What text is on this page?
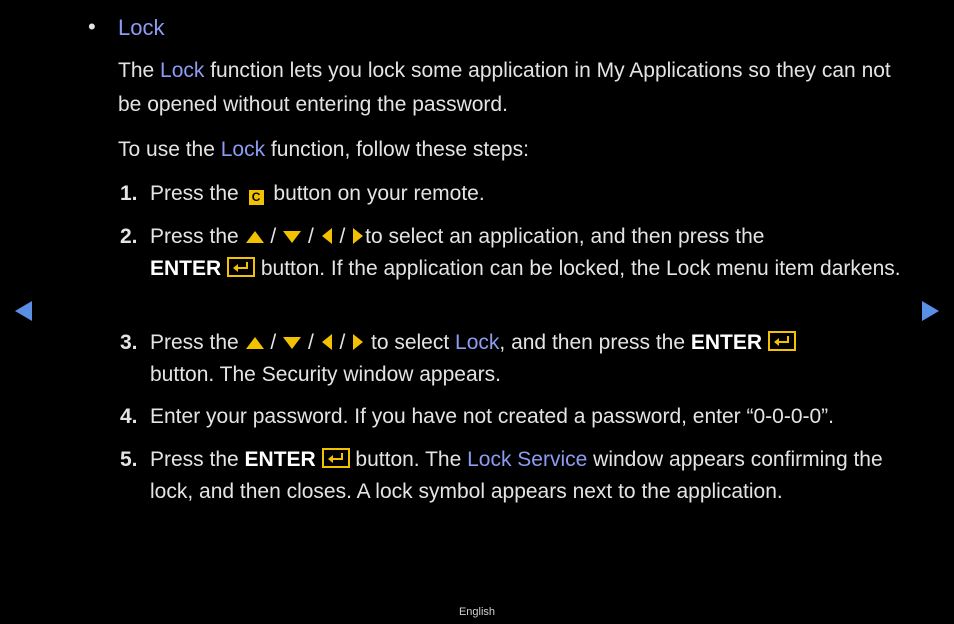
• Lock
The Lock function lets you lock some application in My Applications so they can not be opened without entering the password.
To use the Lock function, follow these steps:
1. Press the C button on your remote.
2. Press the / / / to select an application, and then press the
ENTER  button. If the application can be locked, the Lock menu item darkens.
3. Press the / / /  to select Lock, and then press the ENTER
button. The Security window appears.
4. Enter your password. If you have not created a password, enter “0-0-0-0”.
5. Press the ENTER  button. The Lock Service window appears confirming the lock, and then closes. A lock symbol appears next to the application.
English
